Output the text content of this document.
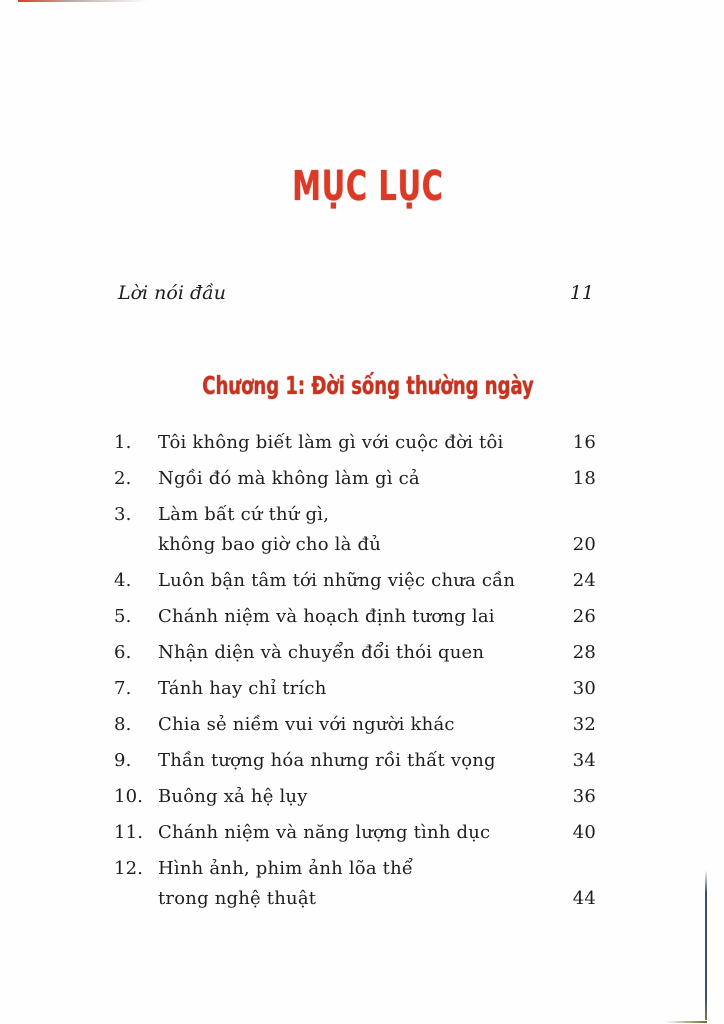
MỤC LỤC
Lời nói đầu	11
Chương 1: Đời sống thường ngày
1.	Tôi không biết làm gì với cuộc đời tôi	16
2.	Ngồi đó mà không làm gì cả	18
3.	Làm bất cứ thứ gì,
không bao giờ cho là đủ	20
4.	Luôn bận tâm tới những việc chưa cần	24
5.	Chánh niệm và hoạch định tương lai	26
6.	Nhận diện và chuyển đổi thói quen	28
7.	Tánh hay chỉ trích	30
8.	Chia sẻ niềm vui với người khác	32
9.	Thần tượng hóa nhưng rồi thất vọng	34
10. Buông xả hệ lụy	36
11. Chánh niệm và năng lượng tình dục	40
12. Hình ảnh, phim ảnh lõa thể
trong nghệ thuật	44
